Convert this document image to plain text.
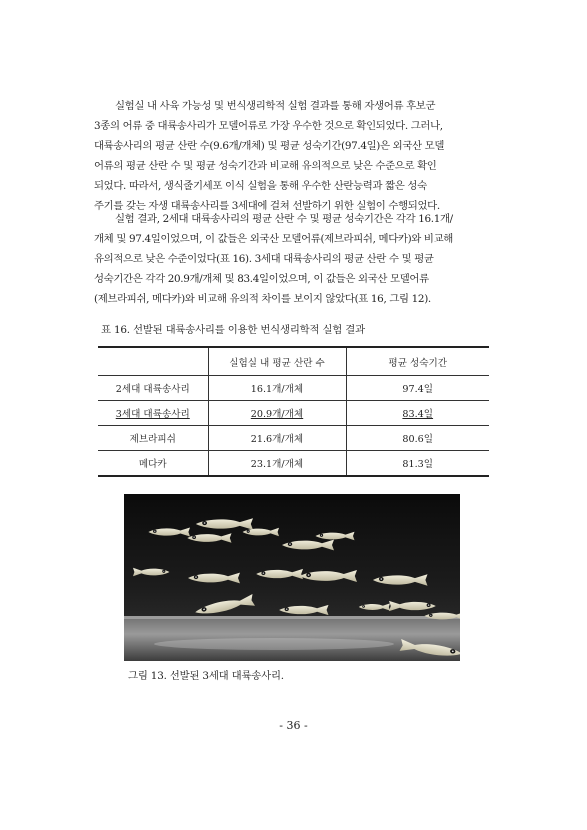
실험실 내 사육 가능성 및 번식생리학적 실험 결과를 통해 자생어류 후보군
3종의 어류 중 대륙송사리가 모델어류로 가장 우수한 것으로 확인되었다. 그러나,
대륙송사리의 평균 산란 수(9.6개/개체) 및 평균 성숙기간(97.4일)은 외국산 모델
어류의 평균 산란 수 및 평균 성숙기간과 비교해 유의적으로 낮은 수준으로 확인
되었다. 따라서, 생식줄기세포 이식 실험을 통해 우수한 산란능력과 짧은 성숙
주기를 갖는 자생 대륙송사리를 3세대에 걸쳐 선발하기 위한 실험이 수행되었다.
실험 결과, 2세대 대륙송사리의 평균 산란 수 및 평균 성숙기간은 각각 16.1개/
개체 및 97.4일이었으며, 이 값들은 외국산 모델어류(제브라피쉬, 메다카)와 비교해
유의적으로 낮은 수준이었다(표 16). 3세대 대륙송사리의 평균 산란 수 및 평균
성숙기간은 각각 20.9개/개체 및 83.4일이었으며, 이 값들은 외국산 모델어류
(제브라피쉬, 메다카)와 비교해 유의적 차이를 보이지 않았다(표 16, 그림 12).
표 16. 선발된 대륙송사리를 이용한 번식생리학적 실험 결과
	실험실 내 평균 산란 수	평균 성숙기간
2세대 대륙송사리	16.1개/개체	97.4일
3세대 대륙송사리	20.9개/개체	83.4일
제브라피쉬	21.6개/개체	80.6일
메다카	23.1개/개체	81.3일
그림 13. 선발된 3세대 대륙송사리.
- 36 -
